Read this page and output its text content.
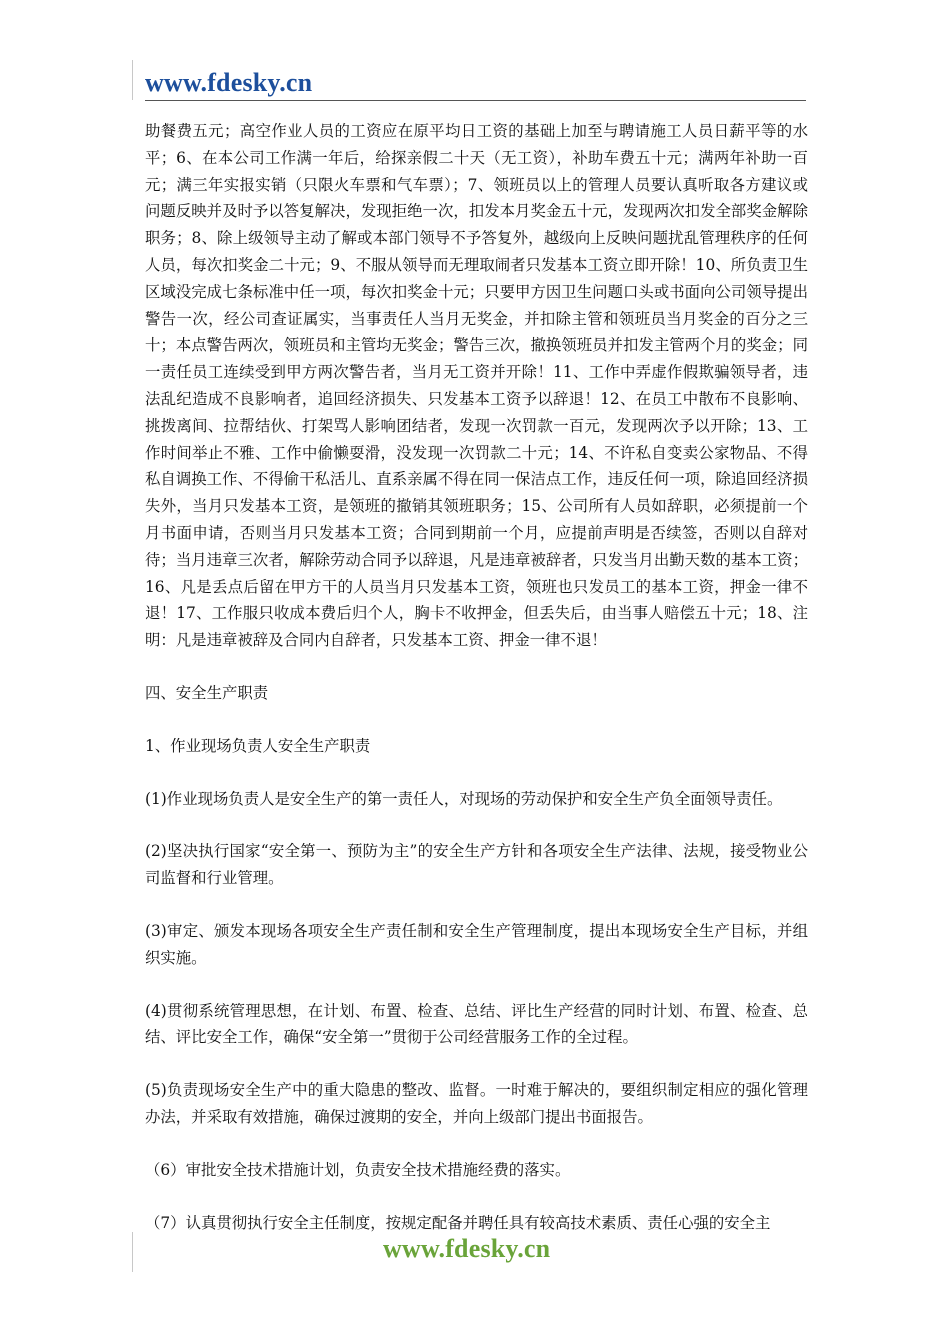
www.fdesky.cn

助餐费五元；高空作业人员的工资应在原平均日工资的基础上加至与聘请施工人员日薪平等的水平；6、在本公司工作满一年后，给探亲假二十天（无工资），补助车费五十元；满两年补助一百元；满三年实报实销（只限火车票和气车票）；7、领班员以上的管理人员要认真听取各方建议或问题反映并及时予以答复解决，发现拒绝一次，扣发本月奖金五十元，发现两次扣发全部奖金解除职务；8、除上级领导主动了解或本部门领导不予答复外，越级向上反映问题扰乱管理秩序的任何人员，每次扣奖金二十元；9、不服从领导而无理取闹者只发基本工资立即开除！10、所负责卫生区域没完成七条标准中任一项，每次扣奖金十元；只要甲方因卫生问题口头或书面向公司领导提出警告一次，经公司查证属实，当事责任人当月无奖金，并扣除主管和领班员当月奖金的百分之三十；本点警告两次，领班员和主管均无奖金；警告三次，撤换领班员并扣发主管两个月的奖金；同一责任员工连续受到甲方两次警告者，当月无工资并开除！11、工作中弄虚作假欺骗领导者，违法乱纪造成不良影响者，追回经济损失、只发基本工资予以辞退！12、在员工中散布不良影响、挑拨离间、拉帮结伙、打架骂人影响团结者，发现一次罚款一百元，发现两次予以开除；13、工作时间举止不雅、工作中偷懒耍滑，没发现一次罚款二十元；14、不许私自变卖公家物品、不得私自调换工作、不得偷干私活儿、直系亲属不得在同一保洁点工作，违反任何一项，除追回经济损失外，当月只发基本工资，是领班的撤销其领班职务；15、公司所有人员如辞职，必须提前一个月书面申请，否则当月只发基本工资；合同到期前一个月，应提前声明是否续签，否则以自辞对待；当月违章三次者，解除劳动合同予以辞退，凡是违章被辞者，只发当月出勤天数的基本工资；16、凡是丢点后留在甲方干的人员当月只发基本工资，领班也只发员工的基本工资，押金一律不退！17、工作服只收成本费后归个人，胸卡不收押金，但丢失后，由当事人赔偿五十元；18、注明：凡是违章被辞及合同内自辞者，只发基本工资、押金一律不退！

四、安全生产职责

1、作业现场负责人安全生产职责

(1)作业现场负责人是安全生产的第一责任人，对现场的劳动保护和安全生产负全面领导责任。

(2)坚决执行国家“安全第一、预防为主”的安全生产方针和各项安全生产法律、法规，接受物业公司监督和行业管理。

(3)审定、颁发本现场各项安全生产责任制和安全生产管理制度，提出本现场安全生产目标，并组织实施。

(4)贯彻系统管理思想，在计划、布置、检查、总结、评比生产经营的同时计划、布置、检查、总结、评比安全工作，确保“安全第一”贯彻于公司经营服务工作的全过程。

(5)负责现场安全生产中的重大隐患的整改、监督。一时难于解决的，要组织制定相应的强化管理办法，并采取有效措施，确保过渡期的安全，并向上级部门提出书面报告。

（6）审批安全技术措施计划，负责安全技术措施经费的落实。

（7）认真贯彻执行安全主任制度，按规定配备并聘任具有较高技术素质、责任心强的安全主

www.fdesky.cn
